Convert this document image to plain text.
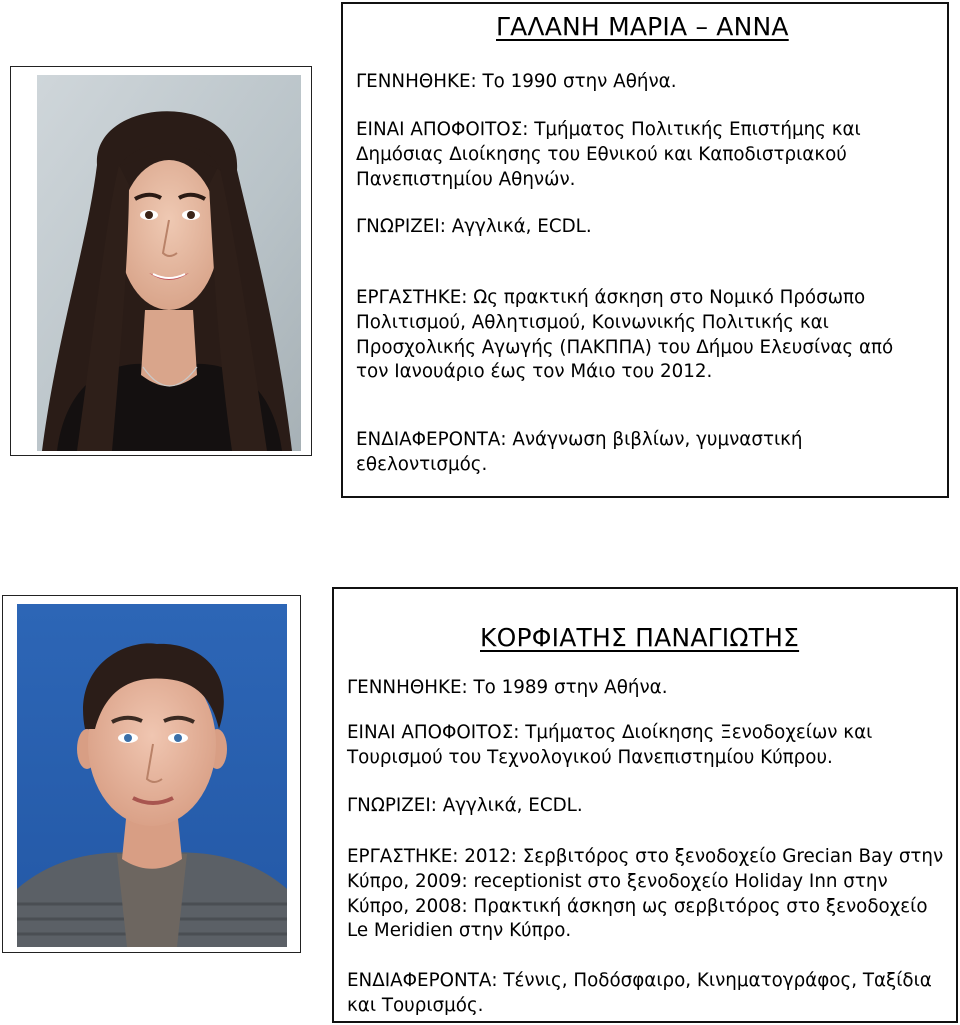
ΓΑΛΑΝΗ ΜΑΡΙΑ – ΑΝΝΑ

ΓΕΝΝΗΘΗΚΕ: Το 1990 στην Αθήνα.

ΕΙΝΑΙ ΑΠΟΦΟΙΤΟΣ: Τμήματος Πολιτικής Επιστήμης και Δημόσιας Διοίκησης του Εθνικού και Καποδιστριακού Πανεπιστημίου Αθηνών.

ΓΝΩΡΙΖΕΙ: Αγγλικά, ECDL.

ΕΡΓΑΣΤΗΚΕ: Ως πρακτική άσκηση στο Νομικό Πρόσωπο Πολιτισμού, Αθλητισμού, Κοινωνικής Πολιτικής και Προσχολικής Αγωγής (ΠΑΚΠΠΑ) του Δήμου Ελευσίνας από τον Ιανουάριο έως τον Μάιο του 2012.

ΕΝΔΙΑΦΕΡΟΝΤΑ: Ανάγνωση βιβλίων, γυμναστική εθελοντισμός.

ΚΟΡΦΙΑΤΗΣ ΠΑΝΑΓΙΩΤΗΣ

ΓΕΝΝΗΘΗΚΕ: Το 1989 στην Αθήνα.

ΕΙΝΑΙ ΑΠΟΦΟΙΤΟΣ: Τμήματος Διοίκησης Ξενοδοχείων και Τουρισμού του Τεχνολογικού Πανεπιστημίου Κύπρου.

ΓΝΩΡΙΖΕΙ: Αγγλικά, ECDL.

ΕΡΓΑΣΤΗΚΕ: 2012: Σερβιτόρος στο ξενοδοχείο Grecian Bay στην Κύπρο, 2009: receptionist στο ξενοδοχείο Holiday Inn στην Κύπρο, 2008: Πρακτική άσκηση ως σερβιτόρος στο ξενοδοχείο Le Meridien στην Κύπρο.

ΕΝΔΙΑΦΕΡΟΝΤΑ: Τέννις, Ποδόσφαιρο, Κινηματογράφος, Ταξίδια και Τουρισμός.
